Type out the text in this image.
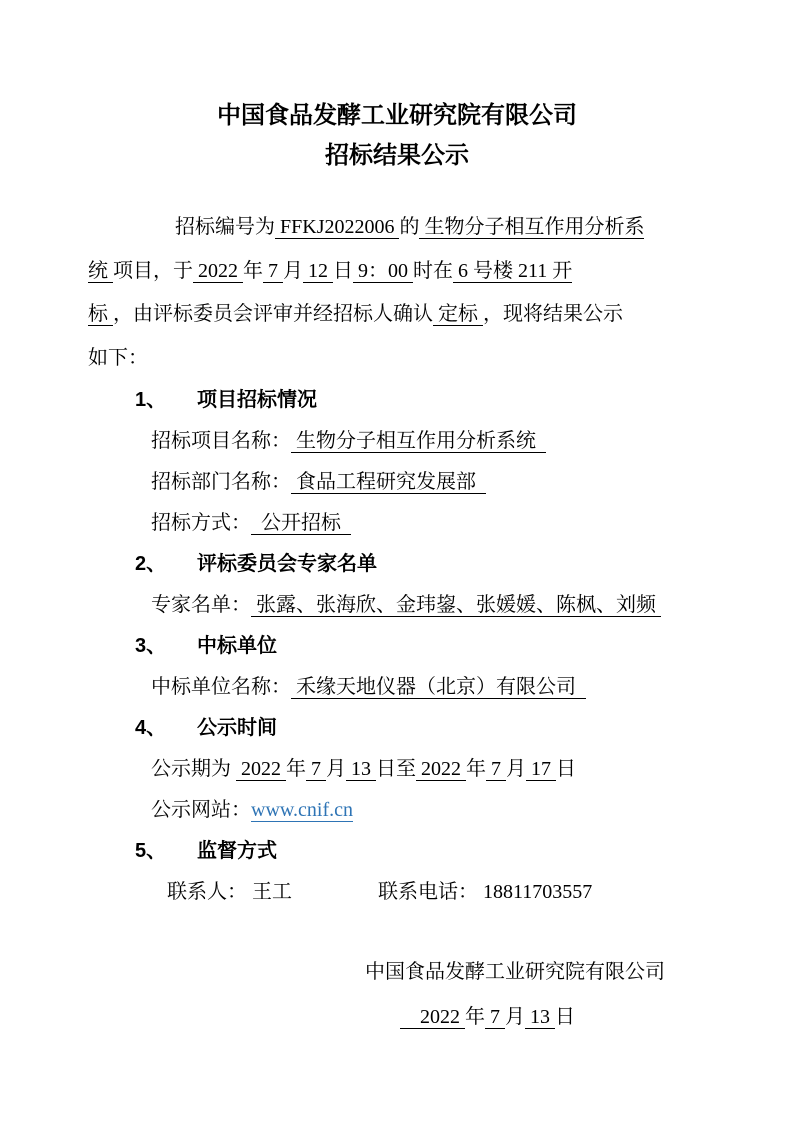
中国食品发酵工业研究院有限公司
招标结果公示
招标编号为 FFKJ2022006 的 生物分子相互作用分析系
统 项目，于 2022 年 7 月 12 日 9：00 时在 6 号楼 211 开
标 ，由评标委员会评审并经招标人确认 定标 ，现将结果公示
如下：
1、 项目招标情况
招标项目名称： 生物分子相互作用分析系统
招标部门名称： 食品工程研究发展部
招标方式：  公开招标
2、 评标委员会专家名单
专家名单： 张露、张海欣、金玮鋆、张媛媛、陈枫、刘频
3、 中标单位
中标单位名称： 禾缘天地仪器（北京）有限公司
4、 公示时间
公示期为  2022 年 7 月 13 日至 2022 年 7 月 17 日
公示网站：www.cnif.cn
5、 监督方式
联系人： 王工	联系电话： 18811703557
中国食品发酵工业研究院有限公司
2022 年 7 月 13 日
